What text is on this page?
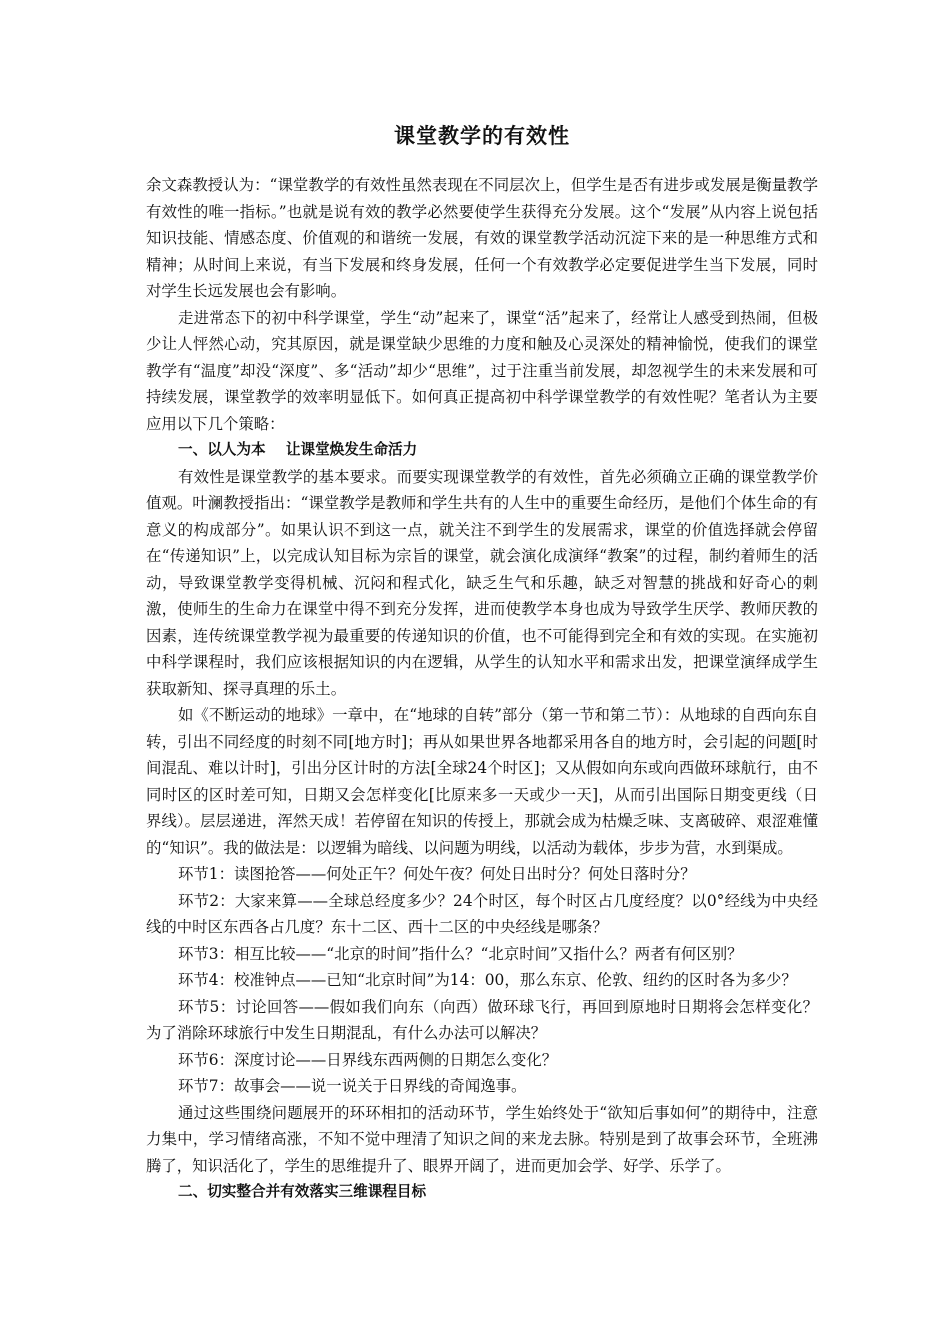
课堂教学的有效性

余文森教授认为：“课堂教学的有效性虽然表现在不同层次上，但学生是否有进步或发展是衡量教学有效性的唯一指标。”也就是说有效的教学必然要使学生获得充分发展。这个“发展”从内容上说包括知识技能、情感态度、价值观的和谐统一发展，有效的课堂教学活动沉淀下来的是一种思维方式和精神；从时间上来说，有当下发展和终身发展，任何一个有效教学必定要促进学生当下发展，同时对学生长远发展也会有影响。

走进常态下的初中科学课堂，学生“动”起来了，课堂“活”起来了，经常让人感受到热闹，但极少让人怦然心动，究其原因，就是课堂缺少思维的力度和触及心灵深处的精神愉悦，使我们的课堂教学有“温度”却没“深度”、多“活动”却少“思维”，过于注重当前发展，却忽视学生的未来发展和可持续发展，课堂教学的效率明显低下。如何真正提高初中科学课堂教学的有效性呢？笔者认为主要应用以下几个策略：

一、以人为本    让课堂焕发生命活力

有效性是课堂教学的基本要求。而要实现课堂教学的有效性，首先必须确立正确的课堂教学价值观。叶澜教授指出：“课堂教学是教师和学生共有的人生中的重要生命经历，是他们个体生命的有意义的构成部分”。如果认识不到这一点，就关注不到学生的发展需求，课堂的价值选择就会停留在“传递知识”上，以完成认知目标为宗旨的课堂，就会演化成演绎“教案”的过程，制约着师生的活动，导致课堂教学变得机械、沉闷和程式化，缺乏生气和乐趣，缺乏对智慧的挑战和好奇心的刺激，使师生的生命力在课堂中得不到充分发挥，进而使教学本身也成为导致学生厌学、教师厌教的因素，连传统课堂教学视为最重要的传递知识的价值，也不可能得到完全和有效的实现。在实施初中科学课程时，我们应该根据知识的内在逻辑，从学生的认知水平和需求出发，把课堂演绎成学生获取新知、探寻真理的乐土。

如《不断运动的地球》一章中，在“地球的自转”部分（第一节和第二节）：从地球的自西向东自转，引出不同经度的时刻不同[地方时]；再从如果世界各地都采用各自的地方时，会引起的问题[时间混乱、难以计时]，引出分区计时的方法[全球24个时区]；又从假如向东或向西做环球航行，由不同时区的区时差可知，日期又会怎样变化[比原来多一天或少一天]，从而引出国际日期变更线（日界线）。层层递进，浑然天成！若停留在知识的传授上，那就会成为枯燥乏味、支离破碎、艰涩难懂的“知识”。我的做法是：以逻辑为暗线、以问题为明线，以活动为载体，步步为营，水到渠成。

环节1：读图抢答——何处正午？何处午夜？何处日出时分？何处日落时分？

环节2：大家来算——全球总经度多少？24个时区，每个时区占几度经度？以0°经线为中央经线的中时区东西各占几度？东十二区、西十二区的中央经线是哪条？

环节3：相互比较——“北京的时间”指什么？“北京时间”又指什么？两者有何区别？

环节4：校准钟点——已知“北京时间”为14：00，那么东京、伦敦、纽约的区时各为多少？

环节5：讨论回答——假如我们向东（向西）做环球飞行，再回到原地时日期将会怎样变化？为了消除环球旅行中发生日期混乱，有什么办法可以解决？

环节6：深度讨论——日界线东西两侧的日期怎么变化？

环节7：故事会——说一说关于日界线的奇闻逸事。

通过这些围绕问题展开的环环相扣的活动环节，学生始终处于“欲知后事如何”的期待中，注意力集中，学习情绪高涨，不知不觉中理清了知识之间的来龙去脉。特别是到了故事会环节，全班沸腾了，知识活化了，学生的思维提升了、眼界开阔了，进而更加会学、好学、乐学了。

二、切实整合并有效落实三维课程目标
